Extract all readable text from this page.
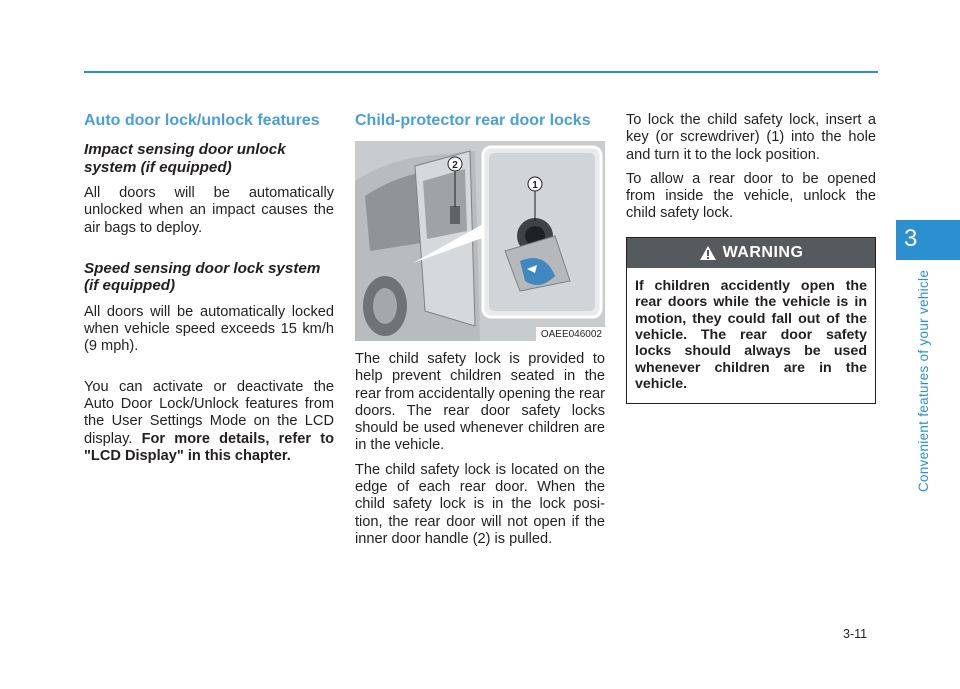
Auto door lock/unlock features
Impact sensing door unlock system (if equipped)
All doors will be automatically unlocked when an impact causes the air bags to deploy.
Speed sensing door lock system (if equipped)
All doors will be automatically locked when vehicle speed exceeds 15 km/h (9 mph).
You can activate or deactivate the Auto Door Lock/Unlock features from the User Settings Mode on the LCD display. For more details, refer to "LCD Display" in this chapter.
Child-protector rear door locks
2
1
OAEE046002
The child safety lock is provided to help prevent children seated in the rear from accidentally opening the rear doors. The rear door safety locks should be used whenever children are in the vehicle.
The child safety lock is located on the edge of each rear door. When the child safety lock is in the lock posi-tion, the rear door will not open if the inner door handle (2) is pulled.
To lock the child safety lock, insert a key (or screwdriver) (1) into the hole and turn it to the lock position.
To allow a rear door to be opened from inside the vehicle, unlock the child safety lock.
WARNING
If children accidently open the rear doors while the vehicle is in motion, they could fall out of the vehicle. The rear door safety locks should always be used whenever children are in the vehicle.
3
Convenient features of your vehicle
3-11
